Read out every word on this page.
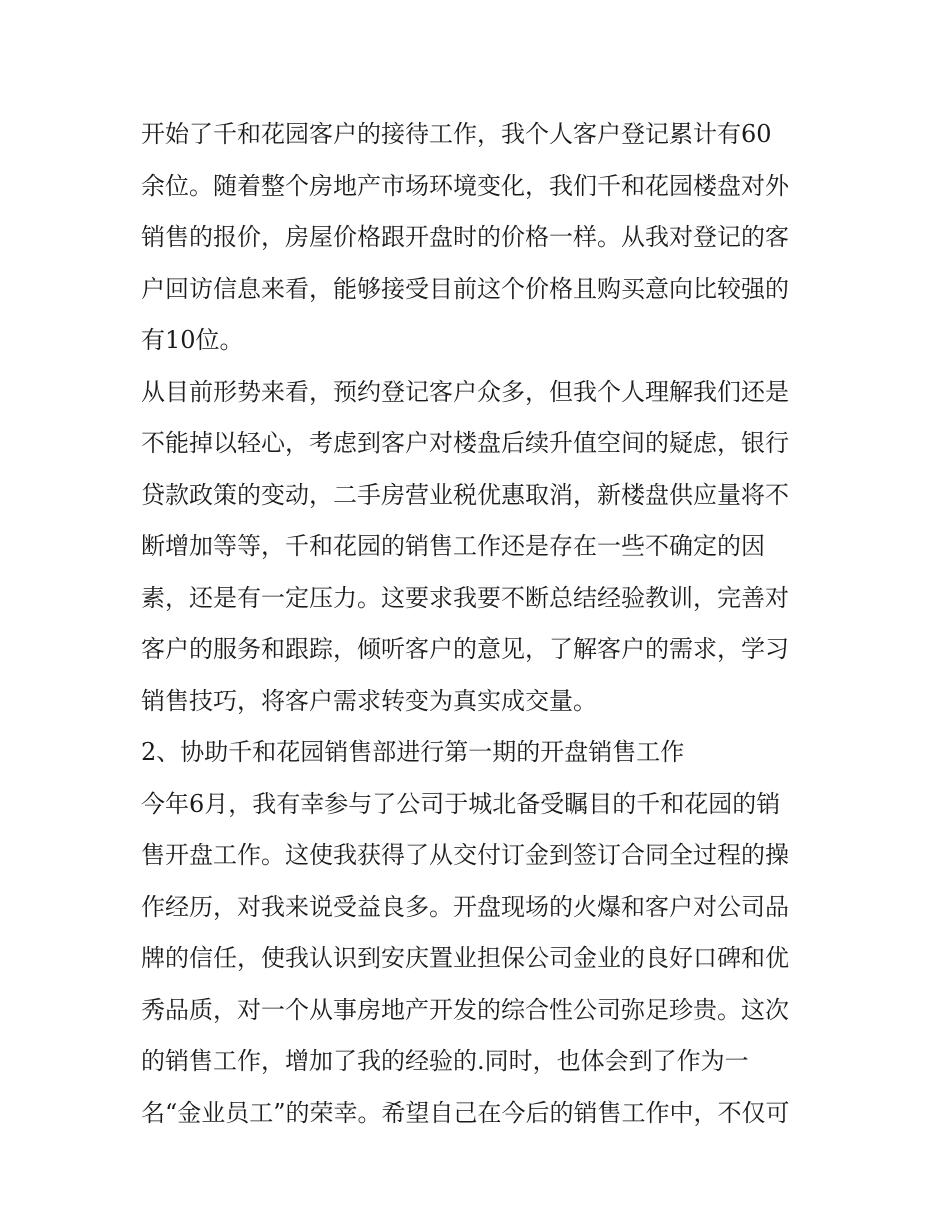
开始了千和花园客户的接待工作，我个人客户登记累计有60
余位。随着整个房地产市场环境变化，我们千和花园楼盘对外
销售的报价，房屋价格跟开盘时的价格一样。从我对登记的客
户回访信息来看，能够接受目前这个价格且购买意向比较强的
有10位。
从目前形势来看，预约登记客户众多，但我个人理解我们还是
不能掉以轻心，考虑到客户对楼盘后续升值空间的疑虑，银行
贷款政策的变动，二手房营业税优惠取消，新楼盘供应量将不
断增加等等，千和花园的销售工作还是存在一些不确定的因
素，还是有一定压力。这要求我要不断总结经验教训，完善对
客户的服务和跟踪，倾听客户的意见，了解客户的需求，学习
销售技巧，将客户需求转变为真实成交量。
2、协助千和花园销售部进行第一期的开盘销售工作
今年6月，我有幸参与了公司于城北备受瞩目的千和花园的销
售开盘工作。这使我获得了从交付订金到签订合同全过程的操
作经历，对我来说受益良多。开盘现场的火爆和客户对公司品
牌的信任，使我认识到安庆置业担保公司金业的良好口碑和优
秀品质，对一个从事房地产开发的综合性公司弥足珍贵。这次
的销售工作，增加了我的经验的.同时，也体会到了作为一
名“金业员工”的荣幸。希望自己在今后的销售工作中，不仅可
